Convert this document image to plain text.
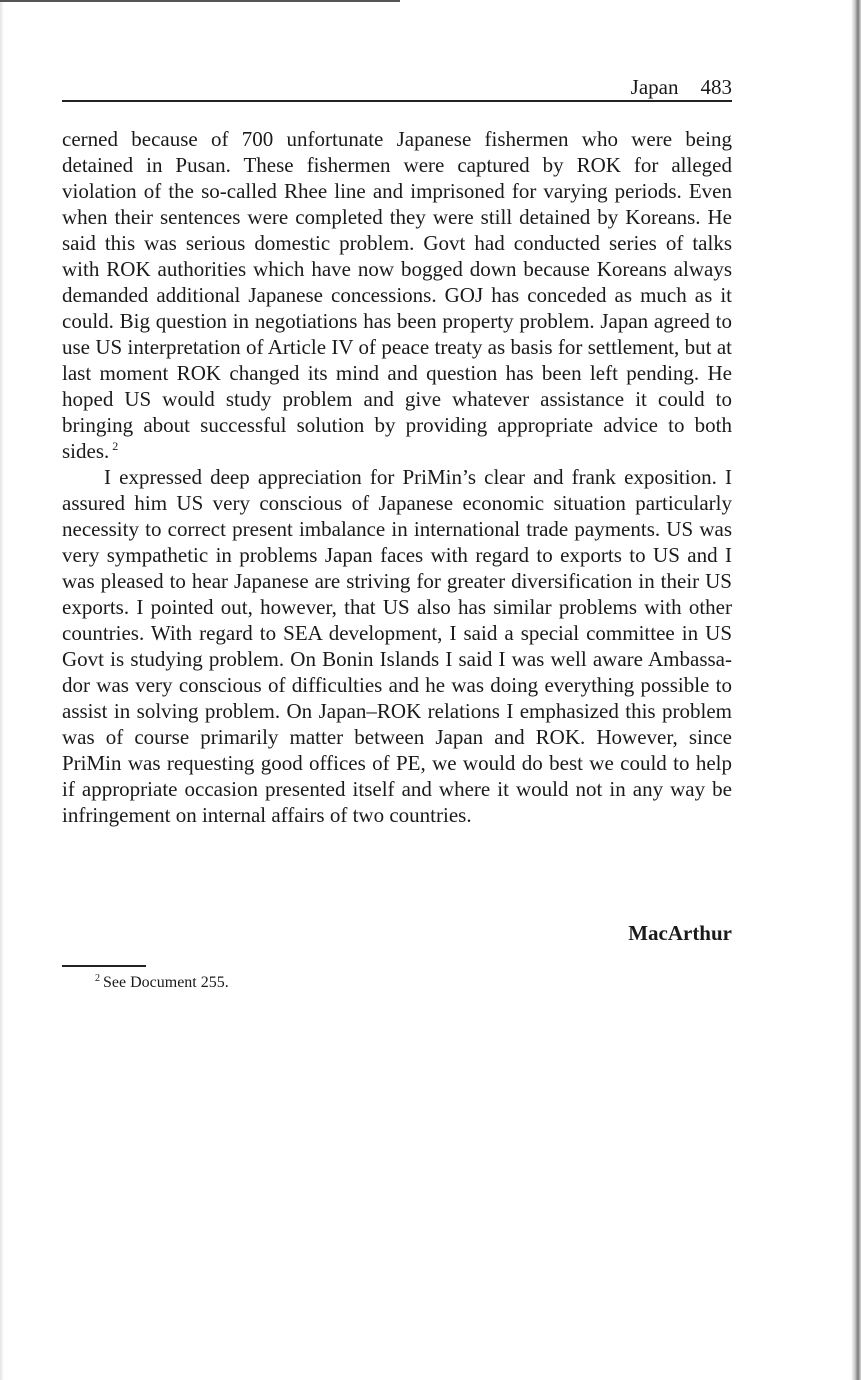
Japan 483

cerned because of 700 unfortunate Japanese fishermen who were being detained in Pusan. These fishermen were captured by ROK for alleged violation of the so-called Rhee line and imprisoned for varying periods. Even when their sentences were completed they were still detained by Koreans. He said this was serious domestic problem. Govt had conducted series of talks with ROK authorities which have now bogged down because Koreans always demanded additional Japanese concessions. GOJ has conceded as much as it could. Big question in negotiations has been property problem. Japan agreed to use US interpretation of Article IV of peace treaty as basis for settlement, but at last moment ROK changed its mind and question has been left pending. He hoped US would study problem and give whatever assistance it could to bringing about successful solution by providing appropriate advice to both sides. $^2$

I expressed deep appreciation for PriMin’s clear and frank exposition. I assured him US very conscious of Japanese economic situation particularly necessity to correct present imbalance in international trade payments. US was very sympathetic in problems Japan faces with regard to exports to US and I was pleased to hear Japanese are striving for greater diversification in their US exports. I pointed out, however, that US also has similar problems with other countries. With regard to SEA development, I said a special committee in US Govt is studying problem. On Bonin Islands I said I was well aware Ambassador was very conscious of difficulties and he was doing everything possible to assist in solving problem. On Japan–ROK relations I emphasized this problem was of course primarily matter between Japan and ROK. However, since PriMin was requesting good offices of PE, we would do best we could to help if appropriate occasion presented itself and where it would not in any way be infringement on internal affairs of two countries.

MacArthur
$^2$ See Document 255.
